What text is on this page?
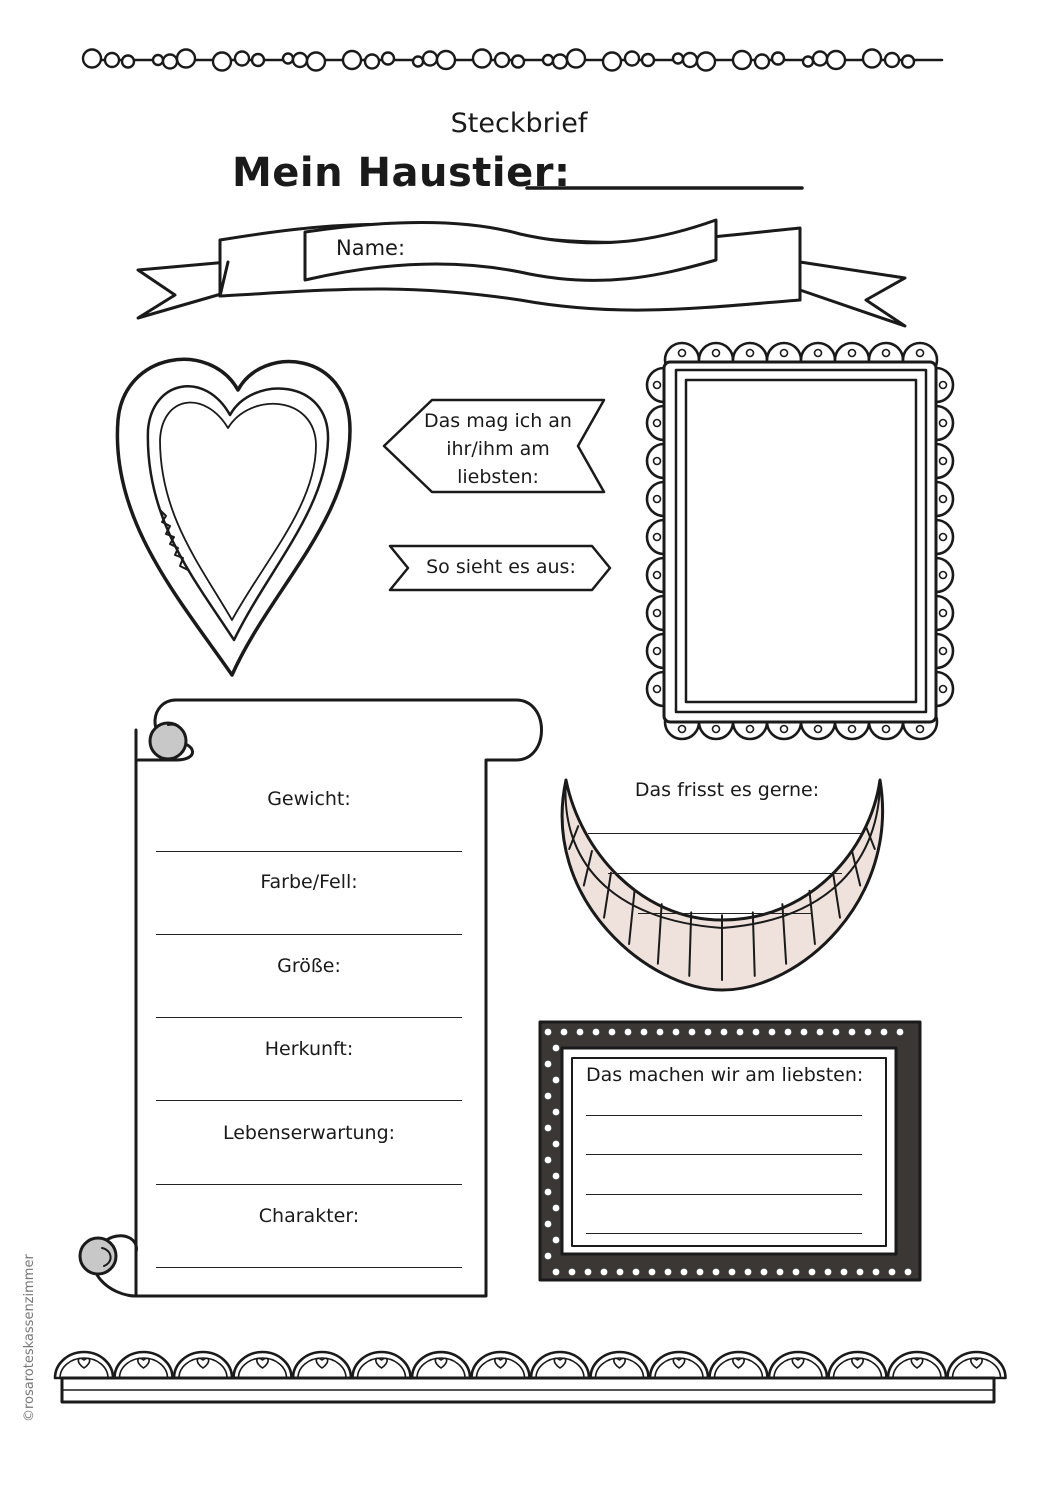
Steckbrief
Mein Haustier:
Name:
Das mag ich an
ihr/ihm am
liebsten:
So sieht es aus:
Gewicht:
Farbe/Fell:
Größe:
Herkunft:
Lebenserwartung:
Charakter:
Das frisst es gerne:
Das machen wir am liebsten:
©rosaroteskassenzimmer
